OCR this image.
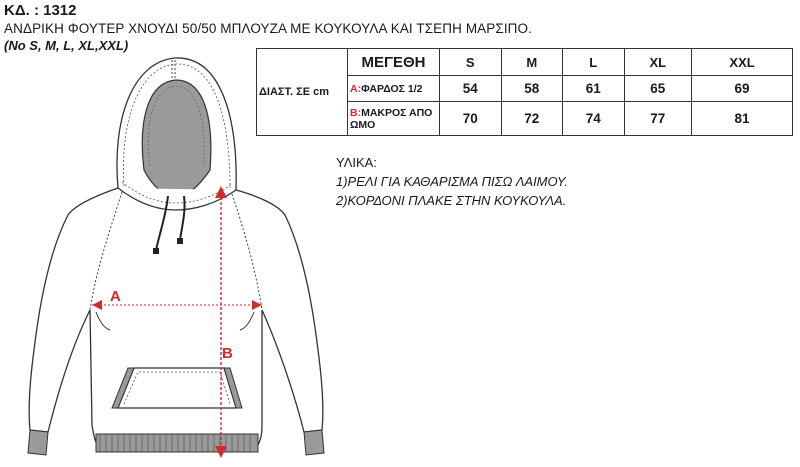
ΚΔ. : 1312

ΑΝΔΡΙΚΗ ΦΟΥΤΕΡ ΧΝΟΥΔΙ 50/50 ΜΠΛΟΥΖΑ ΜΕ ΚΟΥΚΟΥΛΑ ΚΑΙ ΤΣΕΠΗ ΜΑΡΣΙΠΟ.

(No S, M, L, XL,XXL)

A
B
ΔΙΑΣΤ. ΣΕ cm	ΜΕΓΕΘΗ	S	M	L	XL	XXL
	A:ΦΑΡΔΟΣ 1/2	54	58	61	65	69
	B:ΜΑΚΡΟΣ ΑΠΟ ΩΜΟ	70	72	74	77	81
ΥΛΙΚΑ:
1)ΡΕΛΙ ΓΙΑ ΚΑΘΑΡΙΣΜΑ ΠΙΣΩ ΛΑΙΜΟΥ.
2)ΚΟΡΔΟΝΙ ΠΛΑΚΕ ΣΤΗΝ ΚΟΥΚΟΥΛΑ.
